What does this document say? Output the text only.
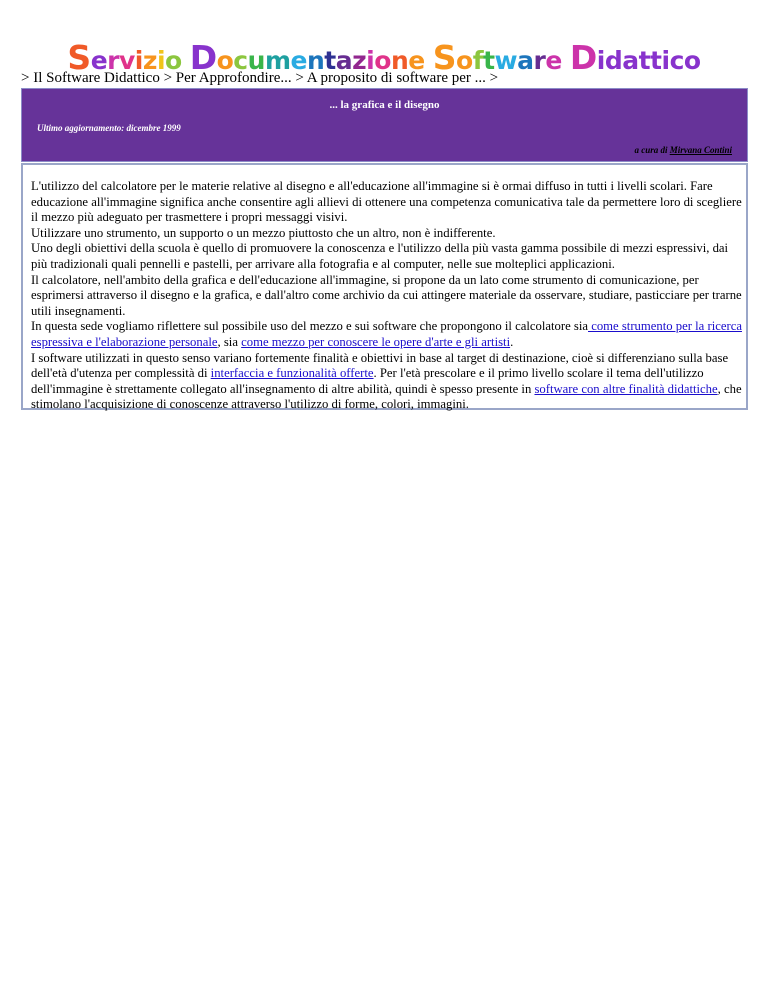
Servizio Documentazione Software Didattico
> Il Software Didattico > Per Approfondire... > A proposito di software per ... >
... la grafica e il disegno
Ultimo aggiornamento: dicembre 1999
a cura di Mirvana Contini

L'utilizzo del calcolatore per le materie relative al disegno e all'educazione all'immagine si è ormai diffuso in tutti i livelli scolari. Fare educazione all'immagine significa anche consentire agli allievi di ottenere una competenza comunicativa tale da permettere loro di scegliere il mezzo più adeguato per trasmettere i propri messaggi visivi.
Utilizzare uno strumento, un supporto o un mezzo piuttosto che un altro, non è indifferente.
Uno degli obiettivi della scuola è quello di promuovere la conoscenza e l'utilizzo della più vasta gamma possibile di mezzi espressivi, dai più tradizionali quali pennelli e pastelli, per arrivare alla fotografia e al computer, nelle sue molteplici applicazioni.
Il calcolatore, nell'ambito della grafica e dell'educazione all'immagine, si propone da un lato come strumento di comunicazione, per esprimersi attraverso il disegno e la grafica, e dall'altro come archivio da cui attingere materiale da osservare, studiare, pasticciare per trarne utili insegnamenti.
In questa sede vogliamo riflettere sul possibile uso del mezzo e sui software che propongono il calcolatore sia come strumento per la ricerca espressiva e l'elaborazione personale, sia come mezzo per conoscere le opere d'arte e gli artisti.
I software utilizzati in questo senso variano fortemente finalità e obiettivi in base al target di destinazione, cioè si differenziano sulla base dell'età d'utenza per complessità di interfaccia e funzionalità offerte. Per l'età prescolare e il primo livello scolare il tema dell'utilizzo dell'immagine è strettamente collegato all'insegnamento di altre abilità, quindi è spesso presente in software con altre finalità didattiche, che stimolano l'acquisizione di conoscenze attraverso l'utilizzo di forme, colori, immagini.
